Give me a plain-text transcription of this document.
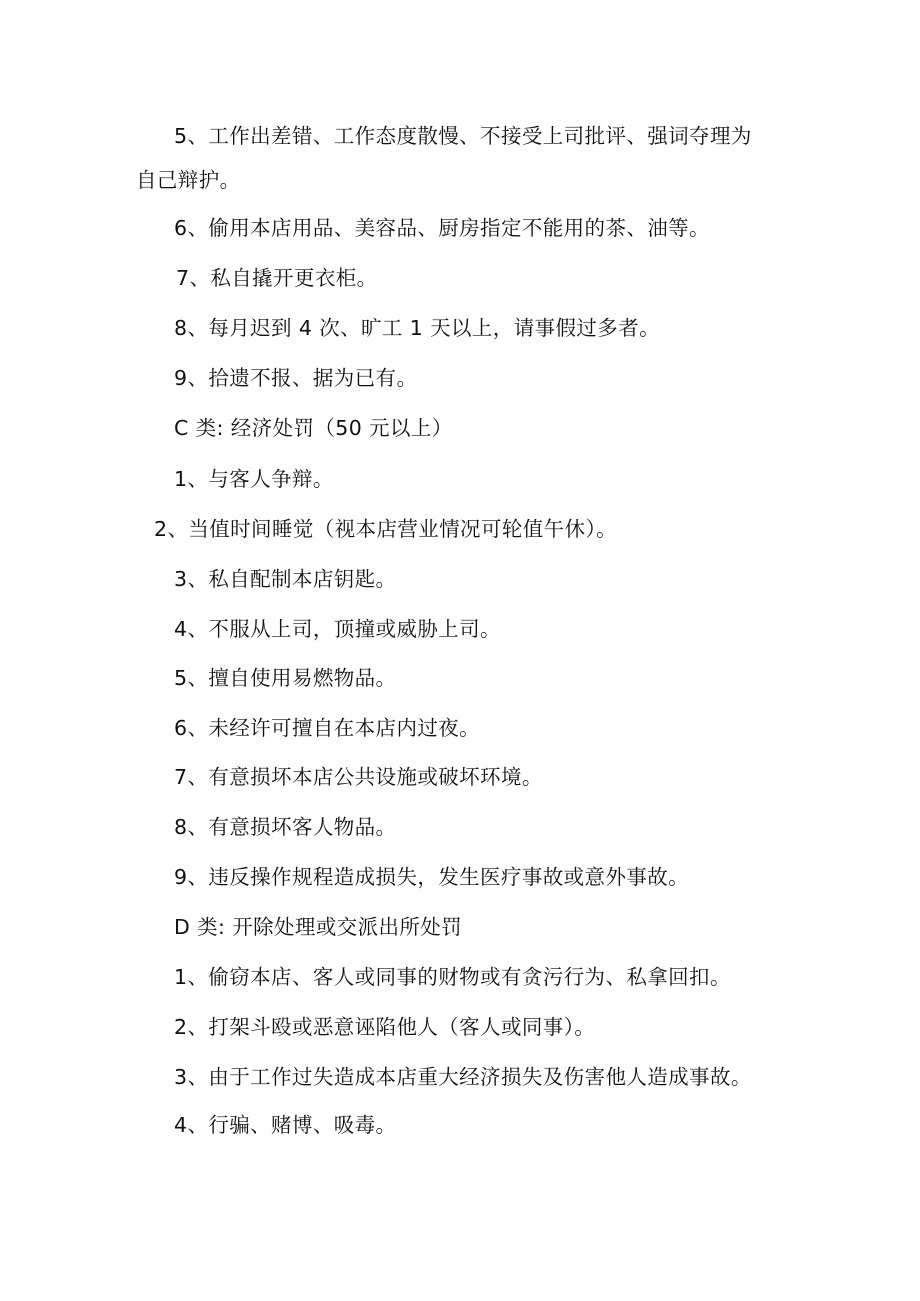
5、工作出差错、工作态度散慢、不接受上司批评、强词夺理为
自己辩护。
6、偷用本店用品、美容品、厨房指定不能用的茶、油等。
7、私自撬开更衣柜。
8、每月迟到 4 次、旷工 1 天以上，请事假过多者。
9、拾遗不报、据为已有。
C 类: 经济处罚（50 元以上）
1、与客人争辩。
2、当值时间睡觉（视本店营业情况可轮值午休）。
3、私自配制本店钥匙。
4、不服从上司，顶撞或威胁上司。
5、擅自使用易燃物品。
6、未经许可擅自在本店内过夜。
7、有意损坏本店公共设施或破坏环境。
8、有意损坏客人物品。
9、违反操作规程造成损失，发生医疗事故或意外事故。
D 类: 开除处理或交派出所处罚
1、偷窃本店、客人或同事的财物或有贪污行为、私拿回扣。
2、打架斗殴或恶意诬陷他人（客人或同事）。
3、由于工作过失造成本店重大经济损失及伤害他人造成事故。
4、行骗、赌博、吸毒。
